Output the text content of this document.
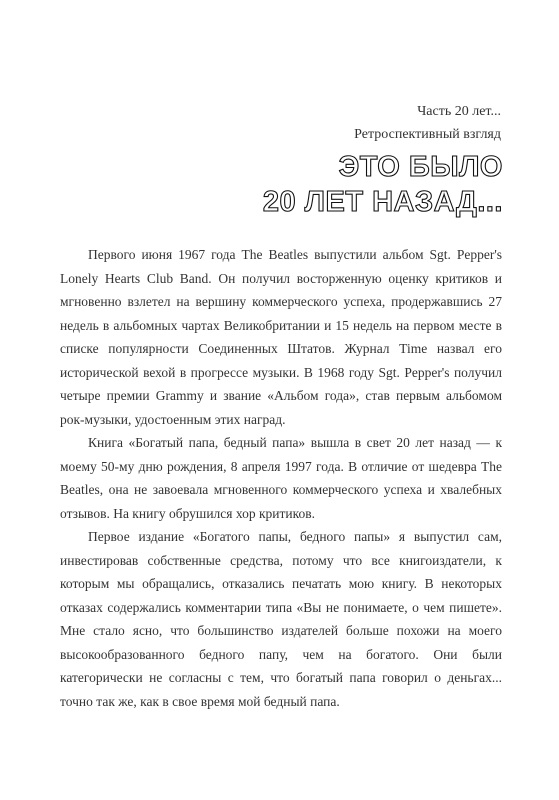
Часть 20 лет...
Ретроспективный взгляд
ЭТО БЫЛО
20 ЛЕТ НАЗАД...

Первого июня 1967 года The Beatles выпустили альбом Sgt. Pepper's Lonely Hearts Club Band. Он получил восторженную оценку критиков и мгновенно взлетел на вершину коммерческого успеха, продержавшись 27 недель в альбомных чартах Великобритании и 15 недель на первом месте в списке популярности Соединенных Штатов. Журнал Time назвал его исторической вехой в прогрессе музыки. В 1968 году Sgt. Pepper's получил четыре премии Grammy и звание «Альбом года», став первым альбомом рок-музыки, удостоенным этих наград.

Книга «Богатый папа, бедный папа» вышла в свет 20 лет назад — к моему 50-му дню рождения, 8 апреля 1997 года. В отличие от шедевра The Beatles, она не завоевала мгновенного коммерческого успеха и хвалебных отзывов. На книгу обрушился хор критиков.

Первое издание «Богатого папы, бедного папы» я выпустил сам, инвестировав собственные средства, потому что все книгоиздатели, к которым мы обращались, отказались печатать мою книгу. В некоторых отказах содержались комментарии типа «Вы не понимаете, о чем пишете». Мне стало ясно, что большинство издателей больше похожи на моего высокообразованного бедного папу, чем на богатого. Они были категорически не согласны с тем, что богатый папа говорил о деньгах... точно так же, как в свое время мой бедный папа.
